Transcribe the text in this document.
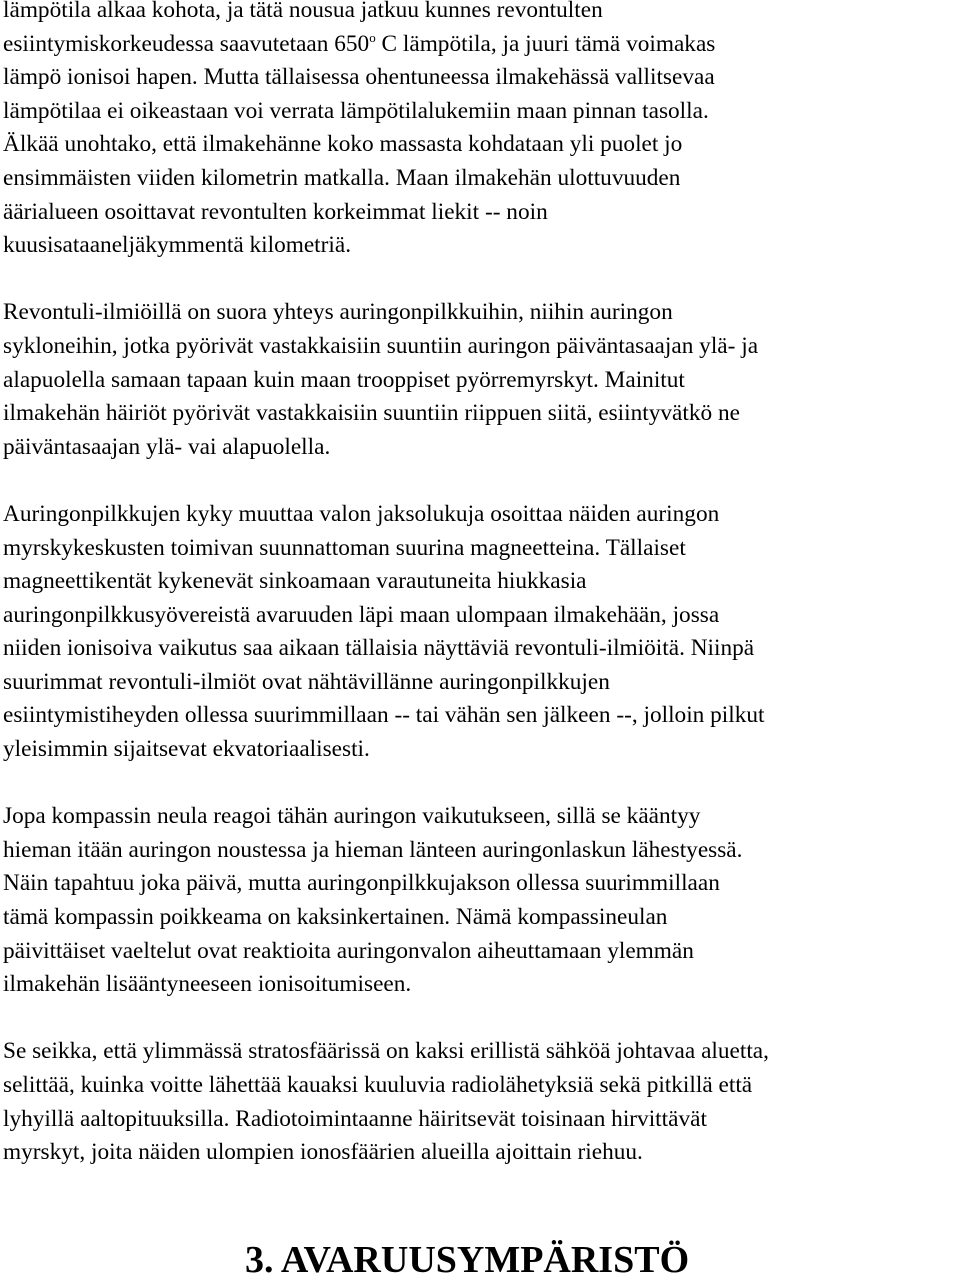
lämpötila alkaa kohota, ja tätä nousua jatkuu kunnes revontulten
esiintymiskorkeudessa saavutetaan 650$^o$ C lämpötila, ja juuri tämä voimakas
lämpö ionisoi hapen. Mutta tällaisessa ohentuneessa ilmakehässä vallitsevaa
lämpötilaa ei oikeastaan voi verrata lämpötilalukemiin maan pinnan tasolla.
Älkää unohtako, että ilmakehänne koko massasta kohdataan yli puolet jo
ensimmäisten viiden kilometrin matkalla. Maan ilmakehän ulottuvuuden
äärialueen osoittavat revontulten korkeimmat liekit -- noin
kuusisataaneljäkymmentä kilometriä.

Revontuli-ilmiöillä on suora yhteys auringonpilkkuihin, niihin auringon
sykloneihin, jotka pyörivät vastakkaisiin suuntiin auringon päiväntasaajan ylä- ja
alapuolella samaan tapaan kuin maan trooppiset pyörremyrskyt. Mainitut
ilmakehän häiriöt pyörivät vastakkaisiin suuntiin riippuen siitä, esiintyvätkö ne
päiväntasaajan ylä- vai alapuolella.

Auringonpilkkujen kyky muuttaa valon jaksolukuja osoittaa näiden auringon
myrskykeskusten toimivan suunnattoman suurina magneetteina. Tällaiset
magneettikentät kykenevät sinkoamaan varautuneita hiukkasia
auringonpilkkusyövereistä avaruuden läpi maan ulompaan ilmakehään, jossa
niiden ionisoiva vaikutus saa aikaan tällaisia näyttäviä revontuli-ilmiöitä. Niinpä
suurimmat revontuli-ilmiöt ovat nähtävillänne auringonpilkkujen
esiintymistiheyden ollessa suurimmillaan -- tai vähän sen jälkeen --, jolloin pilkut
yleisimmin sijaitsevat ekvatoriaalisesti.

Jopa kompassin neula reagoi tähän auringon vaikutukseen, sillä se kääntyy
hieman itään auringon noustessa ja hieman länteen auringonlaskun lähestyessä.
Näin tapahtuu joka päivä, mutta auringonpilkkujakson ollessa suurimmillaan
tämä kompassin poikkeama on kaksinkertainen. Nämä kompassineulan
päivittäiset vaeltelut ovat reaktioita auringonvalon aiheuttamaan ylemmän
ilmakehän lisääntyneeseen ionisoitumiseen.

Se seikka, että ylimmässä stratosfäärissä on kaksi erillistä sähköä johtavaa aluetta,
selittää, kuinka voitte lähettää kauaksi kuuluvia radiolähetyksiä sekä pitkillä että
lyhyillä aaltopituuksilla. Radiotoimintaanne häiritsevät toisinaan hirvittävät
myrskyt, joita näiden ulompien ionosfäärien alueilla ajoittain riehuu.

3. AVARUUSYMPÄRISTÖ
